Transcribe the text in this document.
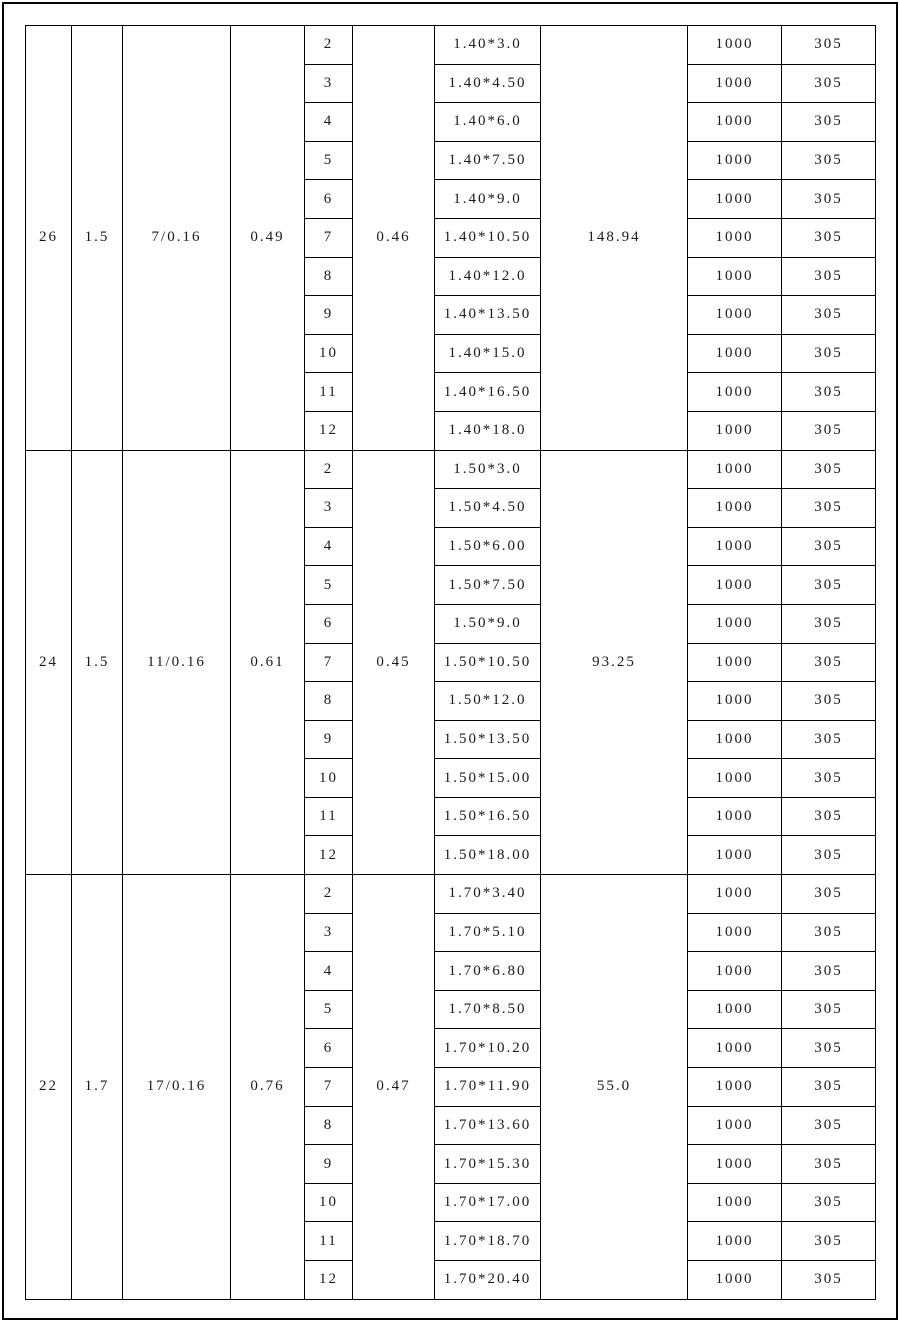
26	1.5	7/0.16	0.49	2	0.46	1.40*3.0	148.94	1000	305
				3		1.40*4.50		1000	305
				4		1.40*6.0		1000	305
				5		1.40*7.50		1000	305
				6		1.40*9.0		1000	305
				7		1.40*10.50		1000	305
				8		1.40*12.0		1000	305
				9		1.40*13.50		1000	305
				10		1.40*15.0		1000	305
				11		1.40*16.50		1000	305
				12		1.40*18.0		1000	305
24	1.5	11/0.16	0.61	2	0.45	1.50*3.0	93.25	1000	305
				3		1.50*4.50		1000	305
				4		1.50*6.00		1000	305
				5		1.50*7.50		1000	305
				6		1.50*9.0		1000	305
				7		1.50*10.50		1000	305
				8		1.50*12.0		1000	305
				9		1.50*13.50		1000	305
				10		1.50*15.00		1000	305
				11		1.50*16.50		1000	305
				12		1.50*18.00		1000	305
22	1.7	17/0.16	0.76	2	0.47	1.70*3.40	55.0	1000	305
				3		1.70*5.10		1000	305
				4		1.70*6.80		1000	305
				5		1.70*8.50		1000	305
				6		1.70*10.20		1000	305
				7		1.70*11.90		1000	305
				8		1.70*13.60		1000	305
				9		1.70*15.30		1000	305
				10		1.70*17.00		1000	305
				11		1.70*18.70		1000	305
				12		1.70*20.40		1000	305
